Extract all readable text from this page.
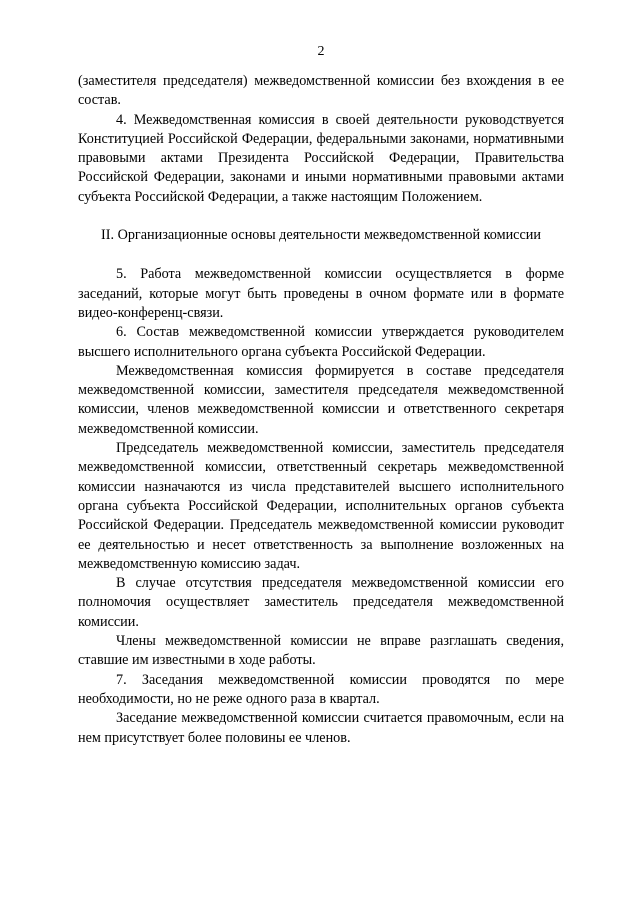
2

(заместителя председателя) межведомственной комиссии без вхождения в ее состав.

4. Межведомственная комиссия в своей деятельности руководствуется Конституцией Российской Федерации, федеральными законами, нормативными правовыми актами Президента Российской Федерации, Правительства Российской Федерации, законами и иными нормативными правовыми актами субъекта Российской Федерации, а также настоящим Положением.

II. Организационные основы деятельности межведомственной комиссии

5. Работа межведомственной комиссии осуществляется в форме заседаний, которые могут быть проведены в очном формате или в формате видео-конференц-связи.

6. Состав межведомственной комиссии утверждается руководителем высшего исполнительного органа субъекта Российской Федерации.

Межведомственная комиссия формируется в составе председателя межведомственной комиссии, заместителя председателя межведомственной комиссии, членов межведомственной комиссии и ответственного секретаря межведомственной комиссии.

Председатель межведомственной комиссии, заместитель председателя межведомственной комиссии, ответственный секретарь межведомственной комиссии назначаются из числа представителей высшего исполнительного органа субъекта Российской Федерации, исполнительных органов субъекта Российской Федерации. Председатель межведомственной комиссии руководит ее деятельностью и несет ответственность за выполнение возложенных на межведомственную комиссию задач.

В случае отсутствия председателя межведомственной комиссии его полномочия осуществляет заместитель председателя межведомственной комиссии.

Члены межведомственной комиссии не вправе разглашать сведения, ставшие им известными в ходе работы.

7. Заседания межведомственной комиссии проводятся по мере необходимости, но не реже одного раза в квартал.

Заседание межведомственной комиссии считается правомочным, если на нем присутствует более половины ее членов.
